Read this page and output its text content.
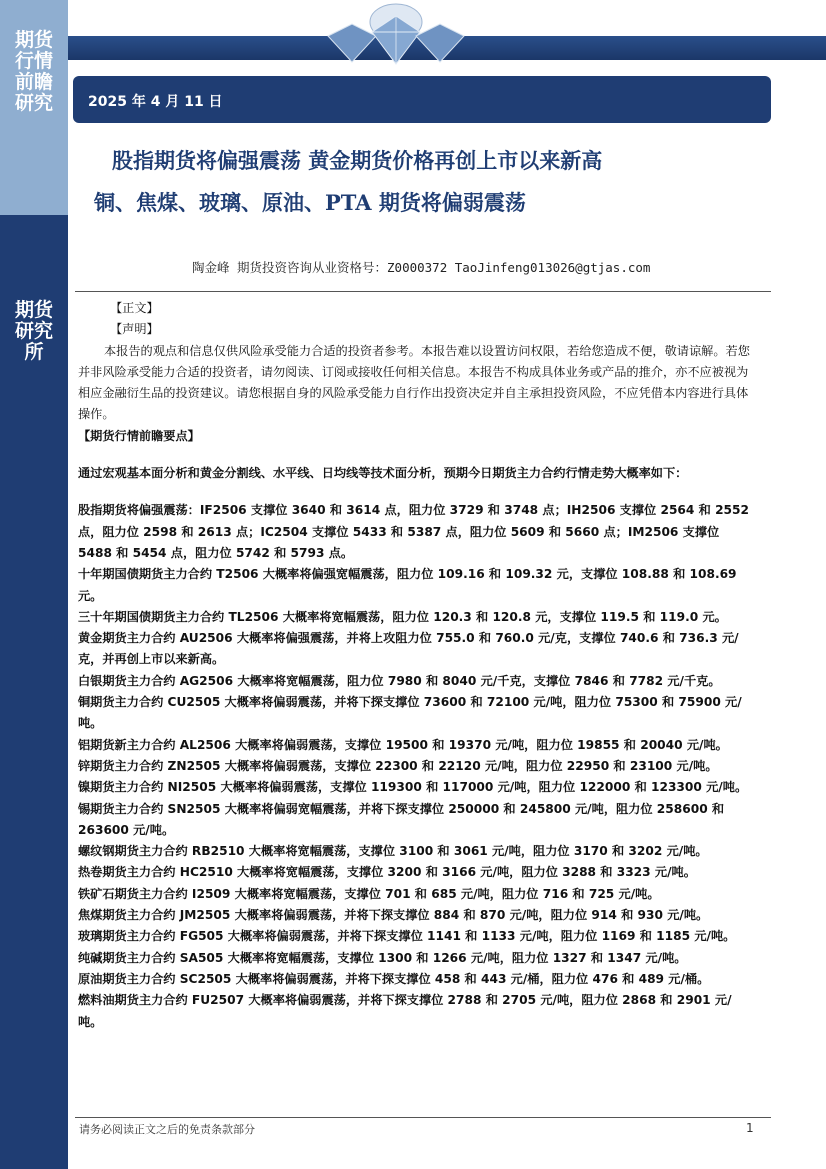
期货行情前瞻研究
期货研究所
2025 年 4 月 11 日
股指期货将偏强震荡 黄金期货价格再创上市以来新高
铜、焦煤、玻璃、原油、PTA 期货将偏弱震荡
陶金峰 期货投资咨询从业资格号：Z0000372 TaoJinfeng013026@gtjas.com

【正文】

【声明】

本报告的观点和信息仅供风险承受能力合适的投资者参考。本报告难以设置访问权限，若给您造成不便，敬请谅解。若您并非风险承受能力合适的投资者，请勿阅读、订阅或接收任何相关信息。本报告不构成具体业务或产品的推介，亦不应被视为相应金融衍生品的投资建议。请您根据自身的风险承受能力自行作出投资决定并自主承担投资风险，不应凭借本内容进行具体操作。

【期货行情前瞻要点】

通过宏观基本面分析和黄金分割线、水平线、日均线等技术面分析，预期今日期货主力合约行情走势大概率如下：

股指期货将偏强震荡：IF2506 支撑位 3640 和 3614 点，阻力位 3729 和 3748 点；IH2506 支撑位 2564 和 2552 点，阻力位 2598 和 2613 点；IC2504 支撑位 5433 和 5387 点，阻力位 5609 和 5660 点；IM2506 支撑位 5488 和 5454 点，阻力位 5742 和 5793 点。

十年期国债期货主力合约 T2506 大概率将偏强宽幅震荡，阻力位 109.16 和 109.32 元，支撑位 108.88 和 108.69 元。

三十年期国债期货主力合约 TL2506 大概率将宽幅震荡，阻力位 120.3 和 120.8 元，支撑位 119.5 和 119.0 元。

黄金期货主力合约 AU2506 大概率将偏强震荡，并将上攻阻力位 755.0 和 760.0 元/克，支撑位 740.6 和 736.3 元/克，并再创上市以来新高。

白银期货主力合约 AG2506 大概率将宽幅震荡，阻力位 7980 和 8040 元/千克，支撑位 7846 和 7782 元/千克。

铜期货主力合约 CU2505 大概率将偏弱震荡，并将下探支撑位 73600 和 72100 元/吨，阻力位 75300 和 75900 元/吨。

铝期货新主力合约 AL2506 大概率将偏弱震荡，支撑位 19500 和 19370 元/吨，阻力位 19855 和 20040 元/吨。

锌期货主力合约 ZN2505 大概率将偏弱震荡，支撑位 22300 和 22120 元/吨，阻力位 22950 和 23100 元/吨。

镍期货主力合约 NI2505 大概率将偏弱震荡，支撑位 119300 和 117000 元/吨，阻力位 122000 和 123300 元/吨。

锡期货主力合约 SN2505 大概率将偏弱宽幅震荡，并将下探支撑位 250000 和 245800 元/吨，阻力位 258600 和 263600 元/吨。

螺纹钢期货主力合约 RB2510 大概率将宽幅震荡，支撑位 3100 和 3061 元/吨，阻力位 3170 和 3202 元/吨。

热卷期货主力合约 HC2510 大概率将宽幅震荡，支撑位 3200 和 3166 元/吨，阻力位 3288 和 3323 元/吨。

铁矿石期货主力合约 I2509 大概率将宽幅震荡，支撑位 701 和 685 元/吨，阻力位 716 和 725 元/吨。

焦煤期货主力合约 JM2505 大概率将偏弱震荡，并将下探支撑位 884 和 870 元/吨，阻力位 914 和 930 元/吨。

玻璃期货主力合约 FG505 大概率将偏弱震荡，并将下探支撑位 1141 和 1133 元/吨，阻力位 1169 和 1185 元/吨。

纯碱期货主力合约 SA505 大概率将宽幅震荡，支撑位 1300 和 1266 元/吨，阻力位 1327 和 1347 元/吨。

原油期货主力合约 SC2505 大概率将偏弱震荡，并将下探支撑位 458 和 443 元/桶，阻力位 476 和 489 元/桶。

燃料油期货主力合约 FU2507 大概率将偏弱震荡，并将下探支撑位 2788 和 2705 元/吨，阻力位 2868 和 2901 元/吨。

请务必阅读正文之后的免责条款部分	1
